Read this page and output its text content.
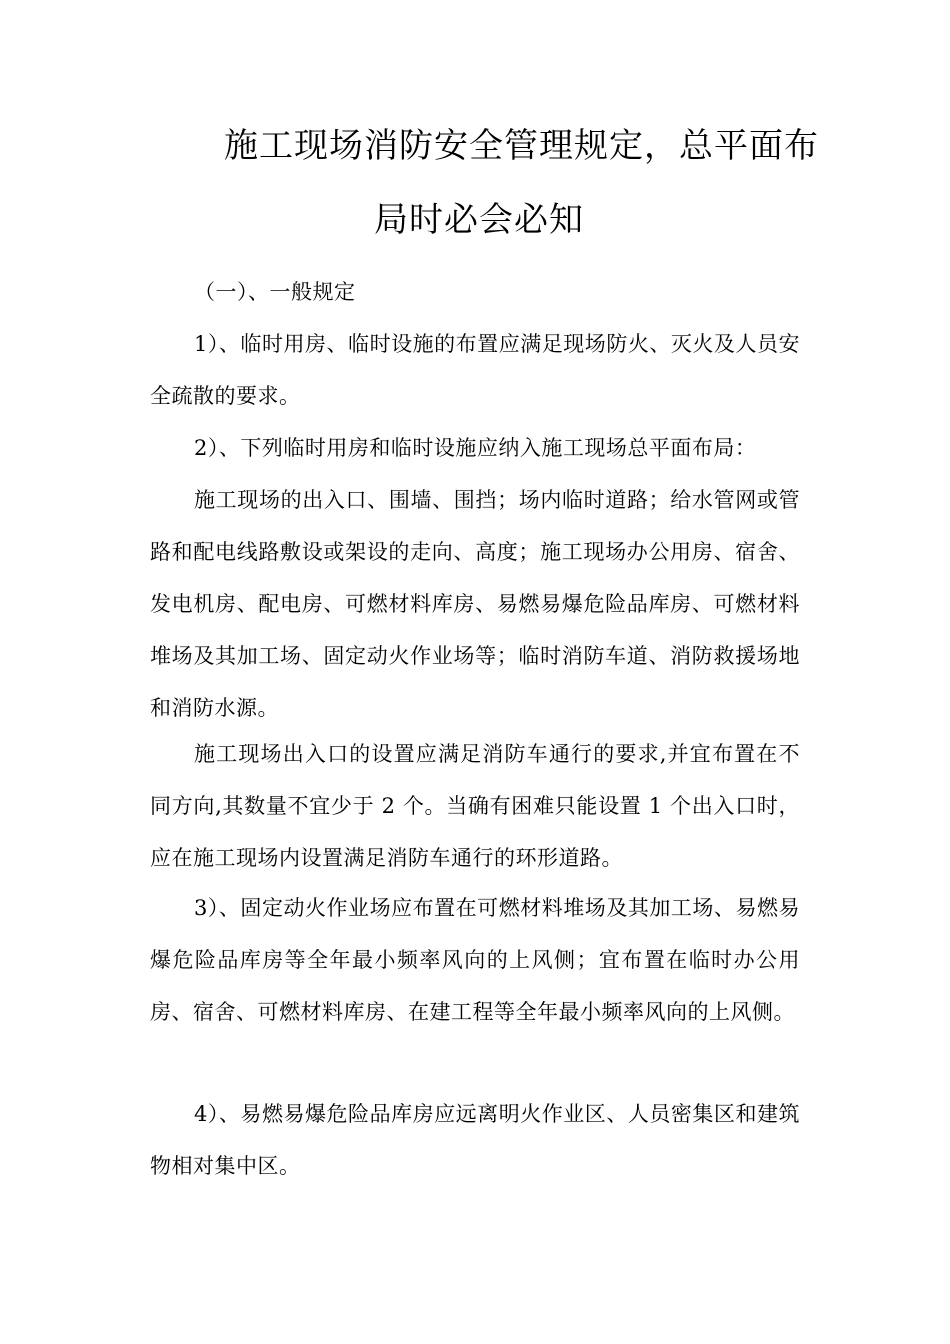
施工现场消防安全管理规定，总平面布
局时必会必知
（一）、一般规定
1）、临时用房、临时设施的布置应满足现场防火、灭火及人员安全疏散的要求。
2）、下列临时用房和临时设施应纳入施工现场总平面布局：
施工现场的出入口、围墙、围挡；场内临时道路；给水管网或管路和配电线路敷设或架设的走向、高度；施工现场办公用房、宿舍、发电机房、配电房、可燃材料库房、易燃易爆危险品库房、可燃材料堆场及其加工场、固定动火作业场等；临时消防车道、消防救援场地和消防水源。
施工现场出入口的设置应满足消防车通行的要求,并宜布置在不同方向,其数量不宜少于 2 个。当确有困难只能设置 1 个出入口时，应在施工现场内设置满足消防车通行的环形道路。
3）、固定动火作业场应布置在可燃材料堆场及其加工场、易燃易爆危险品库房等全年最小频率风向的上风侧；宜布置在临时办公用房、宿舍、可燃材料库房、在建工程等全年最小频率风向的上风侧。
4）、易燃易爆危险品库房应远离明火作业区、人员密集区和建筑物相对集中区。
